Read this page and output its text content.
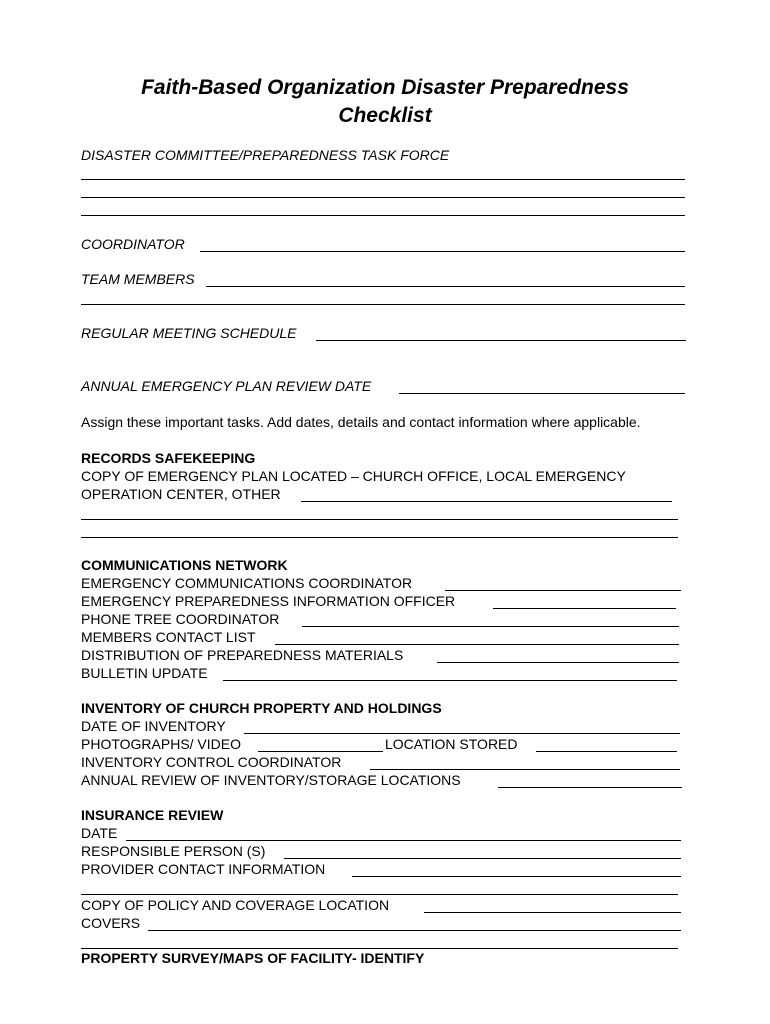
Faith-Based Organization Disaster Preparedness
Checklist
DISASTER COMMITTEE/PREPAREDNESS TASK FORCE
COORDINATOR
TEAM MEMBERS
REGULAR MEETING SCHEDULE
ANNUAL EMERGENCY PLAN REVIEW DATE
Assign these important tasks. Add dates, details and contact information where applicable.
RECORDS SAFEKEEPING
COPY OF EMERGENCY PLAN LOCATED – CHURCH OFFICE, LOCAL EMERGENCY
OPERATION CENTER, OTHER
COMMUNICATIONS NETWORK
EMERGENCY COMMUNICATIONS COORDINATOR
EMERGENCY PREPAREDNESS INFORMATION OFFICER
PHONE TREE COORDINATOR
MEMBERS CONTACT LIST
DISTRIBUTION OF PREPAREDNESS MATERIALS
BULLETIN UPDATE
INVENTORY OF CHURCH PROPERTY AND HOLDINGS
DATE OF INVENTORY
PHOTOGRAPHS/ VIDEO	LOCATION STORED
INVENTORY CONTROL COORDINATOR
ANNUAL REVIEW OF INVENTORY/STORAGE LOCATIONS
INSURANCE REVIEW
DATE
RESPONSIBLE PERSON (S)
PROVIDER CONTACT INFORMATION
COPY OF POLICY AND COVERAGE LOCATION
COVERS
PROPERTY SURVEY/MAPS OF FACILITY- IDENTIFY
